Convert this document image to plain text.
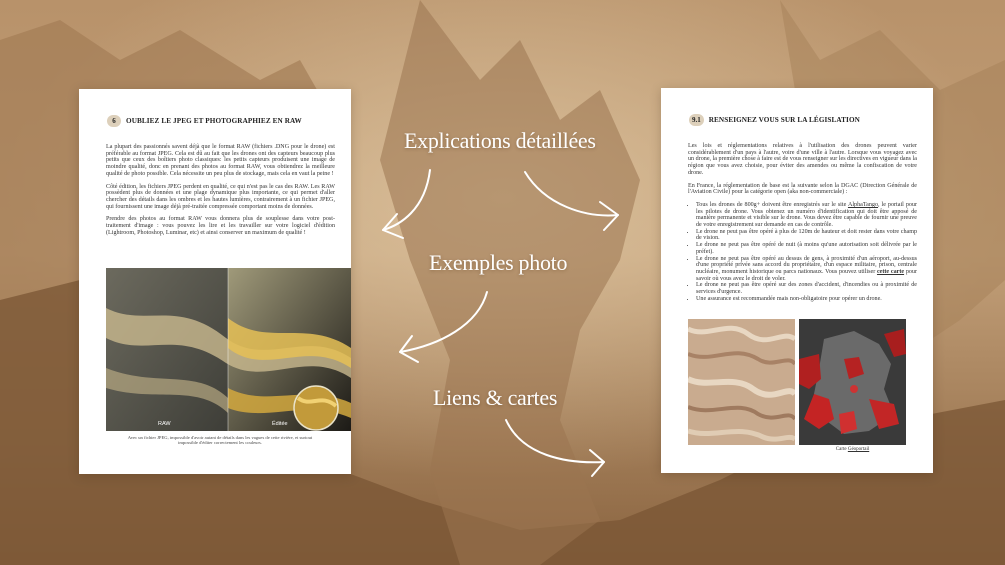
6	OUBLIEZ LE JPEG ET PHOTOGRAPHIEZ EN RAW

La plupart des passionnés savent déjà que le format RAW (fichiers .DNG pour le drone) est préférable au format JPEG. Cela est dû au fait que les drones ont des capteurs beaucoup plus petits que ceux des boîtiers photo classiques: les petits capteurs produisent une image de moindre qualité, donc en prenant des photos au format RAW, vous obtiendrez la meilleure qualité de photo possible. Cela nécessite un peu plus de stockage, mais cela en vaut la peine !

Côté édition, les fichiers JPEG perdent en qualité, ce qui n'est pas le cas des RAW. Les RAW possèdent plus de données et une plage dynamique plus importante, ce qui permet d'aller chercher des détails dans les ombres et les hautes lumières, contrairement à un fichier JPEG, qui fournissent une image déjà pré-traitée compressée comportant moins de données.

Prendre des photos au format RAW vous donnera plus de souplesse dans votre post-traitement d'image : vous pouvez les lire et les travailler sur votre logiciel d'édition (Lightroom, Photoshop, Luminar, etc) et ainsi conserver un maximum de qualité !

RAW	Éditée
Avec un fichier JPEG, impossible d'avoir autant de détails dans les vagues de cette rivière, et surtout impossible d'éditer correctement les couleurs.
9.1	RENSEIGNEZ VOUS SUR LA LÉGISLATION

Les lois et réglementations relatives à l'utilisation des drones peuvent varier considérablement d'un pays à l'autre, voire d'une ville à l'autre. Lorsque vous voyagez avec un drone, la première chose à faire est de vous renseigner sur les directives en vigueur dans la région que vous avez choisie, pour éviter des amendes ou même la confiscation de votre drone.

En France, la réglementation de base est la suivante selon la DGAC (Direction Générale de l'Aviation Civile) pour la catégorie open (aka non-commerciale) :

• Tous les drones de 800g+ doivent être enregistrés sur le site AlphaTango, le portail pour les pilotes de drone. Vous obtenez un numéro d'identification qui doit être apposé de manière permanente et visible sur le drone. Vous devez être capable de fournir une preuve de votre enregistrement sur demande en cas de contrôle.
• Le drone ne peut pas être opéré à plus de 120m de hauteur et doit rester dans votre champ de vision.
• Le drone ne peut pas être opéré de nuit (à moins qu'une autorisation soit délivrée par le préfet).
• Le drone ne peut pas être opéré au dessus de gens, à proximité d'un aéroport, au-dessus d'une propriété privée sans accord du propriétaire, d'un espace militaire, prison, centrale nucléaire, monument historique ou parcs nationaux. Vous pouvez utiliser cette carte pour savoir où vous avez le droit de voler.
• Le drone ne peut pas être opéré sur des zones d'accident, d'incendies ou à proximité de services d'urgence.
• Une assurance est recommandée mais non-obligatoire pour opérer un drone.
Carte Géoportail
Explications détaillées
Exemples photo
Liens & cartes
